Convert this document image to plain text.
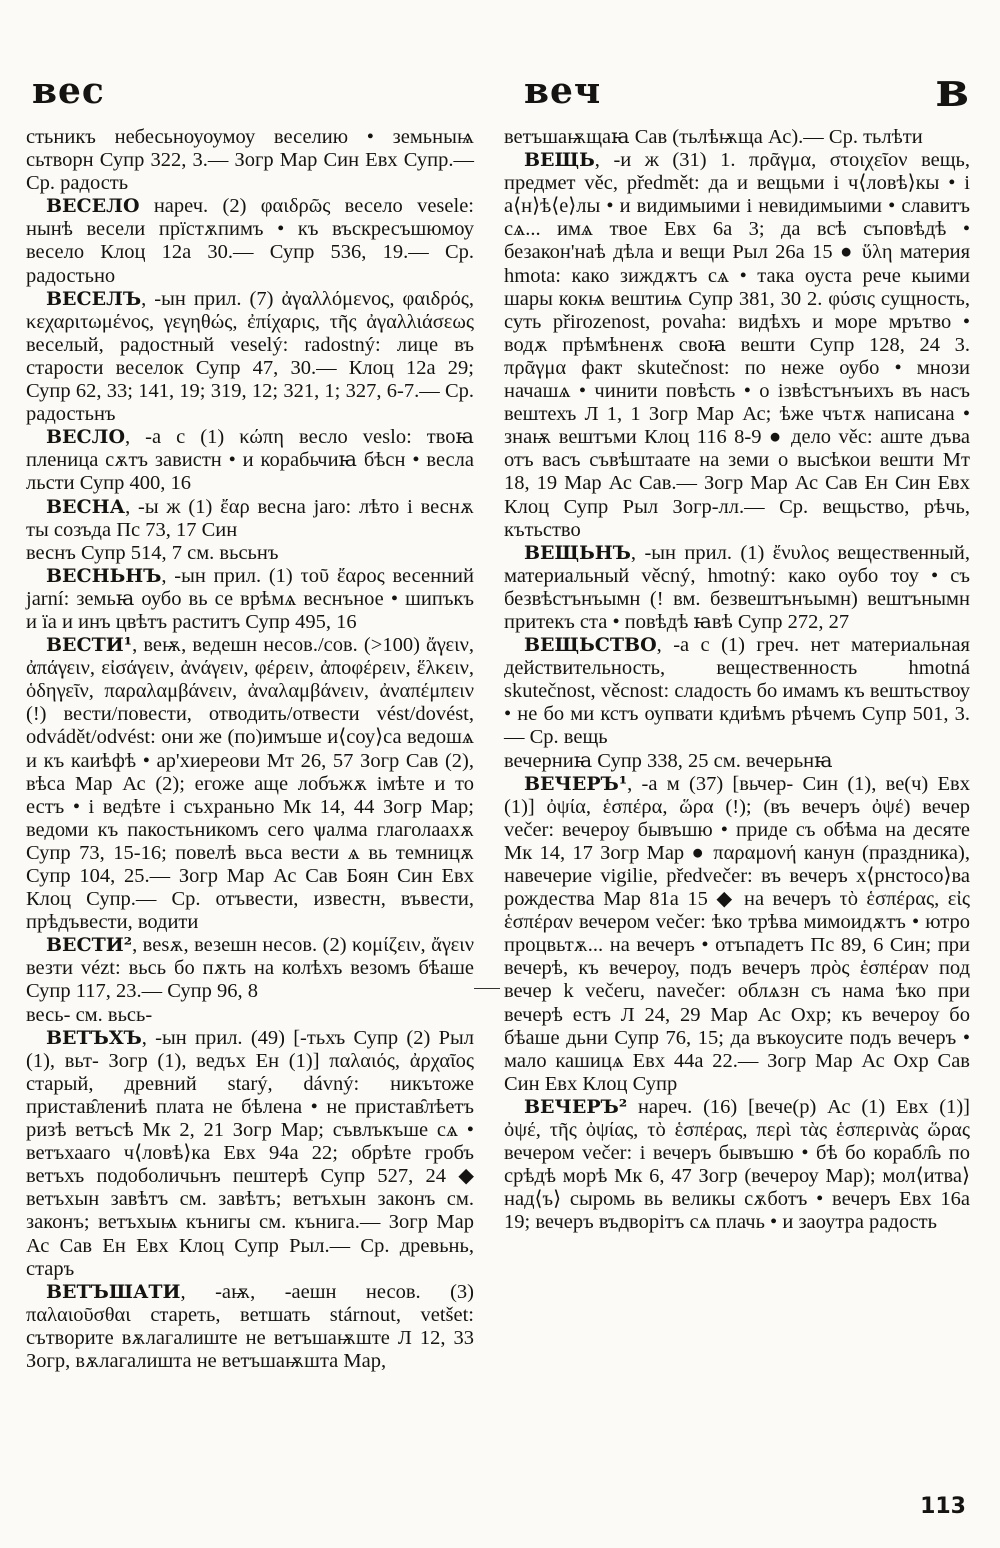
вес	веч	в

стьникъ небесьноуоумоу веселию • земьныѩ сьтворн Супр 322, 3.— Зогр Мар Син Евх Супр.— Ср. радость

ВЕСЕЛО нареч. (2) φαιδρῶς весело vesele: нынѣ весели прїстѫпимъ • къ въскресъшюмоу весело Клоц 12а 30.— Супр 536, 19.— Ср. радостьно

ВЕСЕЛЪ, -ын прил. (7) ἀγαλλόμενος, φαιδρός, κεχαριτωμένος, γεγηθώς, ἐπίχαρις, τῆς ἀγαλλιάσεως веселый, радостный veselý: radostný: лице въ старости веселок Супр 47, 30.— Клоц 12а 29; Супр 62, 33; 141, 19; 319, 12; 321, 1; 327, 6-7.— Ср. радостьнъ

ВЕСЛО, -а с (1) κώπη весло veslo: твоꙗ пленица сѫтъ завистн • и корабьчиꙗ бѣсн • весла льсти Супр 400, 16

ВЕСНА, -ы ж (1) ἔαρ весна jaro: лѣто і веснѫ ты созъда Пс 73, 17 Син

веснъ Супр 514, 7 см. вьсьнъ

ВЕСНЬНЪ, -ын прил. (1) τοῦ ἔαρος весенний jarní: земьꙗ оубо вь се врѣмѧ веснъное • шипъкъ и їа и инъ цвѣтъ раститъ Супр 495, 16

ВЕСТИ¹, веѭ, ведешн несов./сов. (>100) ἄγειν, ἀπάγειν, εἰσάγειν, ἀνάγειν, φέρειν, ἀποφέρειν, ἕλκειν, ὁδηγεῖν, παραλαμβάνειν, ἀναλαμβάνειν, ἀναπέμπειν (!) вести/повести, отводить/отвести vést/dovést, odvádět/odvést: они же (по)имъше и⟨соу⟩са ведошѧ и къ каиѣфѣ • ар'хиереови Мт 26, 57 Зогр Сав (2), вѣса Мар Ас (2); егоже аще лобъжѫ імѣте и то естъ • і ведѣте і съхраньно Мк 14, 44 Зогр Мар; ведоми къ пакостьникомъ сего ѱалма глаголаахѫ Супр 73, 15-16; повелѣ вьса вести ѧ вь темницѫ Супр 104, 25.— Зогр Мар Ас Сав Боян Син Евх Клоц Супр.— Ср. отъвести, известн, въвести, прѣдъвести, водити

ВЕСТИ², веѕѫ, везешн несов. (2) κομίζειν, ἄγειν везти vézt: вьсь бо пѫть на колѣхъ везомъ бѣаше Супр 117, 23.— Супр 96, 8

весь- см. вьсь-

ВЕТЪХЪ, -ын прил. (49) [-тьхъ Супр (2) Рыл (1), вьт- Зогр (1), ведъх Ен (1)] παλαιός, ἀρχαῖος старый, древний starý, dávný: никътоже пристав̑лениѣ плата не бѣлена • не пристав̑лѣетъ ризѣ ветъсѣ Мк 2, 21 Зогр Мар; съвлъкъше сѧ • ветъхааго ч⟨ловѣ⟩ка Евх 94а 22; обрѣте гробъ ветъхъ подоболичьнъ пештерѣ Супр 527, 24 ◆ ветъхын завѣтъ см. завѣтъ; ветъхын законъ см. законъ; ветъхыѩ кънигы см. кънига.— Зогр Мар Ас Сав Ен Евх Клоц Супр Рыл.— Ср. древьнь, старъ

ВЕТЪШАТИ, -аѭ, -аешн несов. (3) παλαιοῦσθαι стареть, ветшать stárnout, vetšet: сътворите вѫлагалиште не ветъшаѭште Л 12, 33 Зогр, вѫлагалишта не ветъшаѭшта Мар,

ветъшаѭщаꙗ Сав (тьлѣѭща Ас).— Ср. тьлѣти

ВЕЩЬ, -и ж (31) 1. πρᾶγμα, στοιχεῖον вещь, предмет věc, předmět: да и вещьми і ч⟨ловѣ⟩кы • і а⟨н⟩ѣ⟨е⟩лы • и видимыими і невидимыими • славитъ сѧ... имѧ твое Евх 6а 3; да всѣ съповѣдѣ • безакон'наѣ дѣла и вещи Рыл 26а 15 ● ὕλη материя hmota: како зиждѫтъ сѧ • така оуста рече кыими шары кокѩ вештиѩ Супр 381, 30 2. φύσις сущность, суть přirozenost, povaha: видѣхъ и море мрътво • водѫ прѣмѣненѫ своꙗ вешти Супр 128, 24 3. πρᾶγμα факт skutečnost: по неже оубо • мнози начашѧ • чинити повѣсть • о ізвѣстънъихъ въ насъ вештехъ Л 1, 1 Зогр Мар Ас; ѣже чътѫ написана • знаѭ вештъми Клоц 116 8-9 ● дело věc: аште дъва отъ васъ съвѣштаате на земи о высѣкои вешти Мт 18, 19 Мар Ас Сав.— Зогр Мар Ас Сав Ен Син Евх Клоц Супр Рыл Зогр-лл.— Ср. вещьство, рѣчь, кътьство

ВЕЩЬНЪ, -ын прил. (1) ἔνυλος вещественный, материальный věcný, hmotný: како оубо тоу • съ безвѣстънъымн (! вм. безвештънъымн) вештънымн притекъ ста • повѣдѣ ꙗвѣ Супр 272, 27

ВЕЩЬСТВО, -а с (1) греч. нет материальная действительность, вещественность hmotná skutečnost, věcnost: сладость бо имамъ къ вештьствоу • не бо ми кстъ оупвати кдиѣмъ рѣчемъ Супр 501, 3.— Ср. вещь

вечерниꙗ Супр 338, 25 см. вечерьнꙗ

ВЕЧЕРЪ¹, -а м (37) [вьчер- Син (1), ве(ч) Евх (1)] ὀψία, ἑσπέρα, ὥρα (!); (въ вечеръ ὀψέ) вечер večer: вечероу бывъшю • приде съ обѣма на десяте Мк 14, 17 Зогр Мар ● παραμονή канун (праздника), навечерие vigilie, předvečer: въ вечеръ х⟨рнстосо⟩ва рождества Мар 81а 15 ◆ на вечеръ τὸ ἑσπέρας, εἰς ἑσπέραν вечером večer: ѣко трѣва мимоидѫтъ • ютро процвьтѫ... на вечеръ • отъпадетъ Пс 89, 6 Син; при вечерѣ, къ вечероу, подъ вечеръ πρὸς ἑσπέραν под вечер k večeru, navečer: облѧзн съ нама ѣко при вечерѣ естъ Л 24, 29 Мар Ас Охр; къ вечероу бо бѣаше дьни Супр 76, 15; да въкоусите подъ вечеръ • мало кашицѧ Евх 44а 22.— Зогр Мар Ас Охр Сав Син Евх Клоц Супр

ВЕЧЕРЪ² нареч. (16) [вече(р) Ас (1) Евх (1)] ὀψέ, τῆς ὀψίας, τὸ ἑσπέρας, περὶ τὰς ἑσπερινὰς ὥρας вечером večer: і вечеръ бывъшю • бѣ бо корабл̑ь по срѣдѣ морѣ Мк 6, 47 Зогр (вечероу Мар); мол⟨итва⟩ над⟨ъ⟩ сыромь вь великы сѫботъ • вечеръ Евх 16а 19; вечеръ въдворітъ сѧ плачь • и заоутра радость

113
